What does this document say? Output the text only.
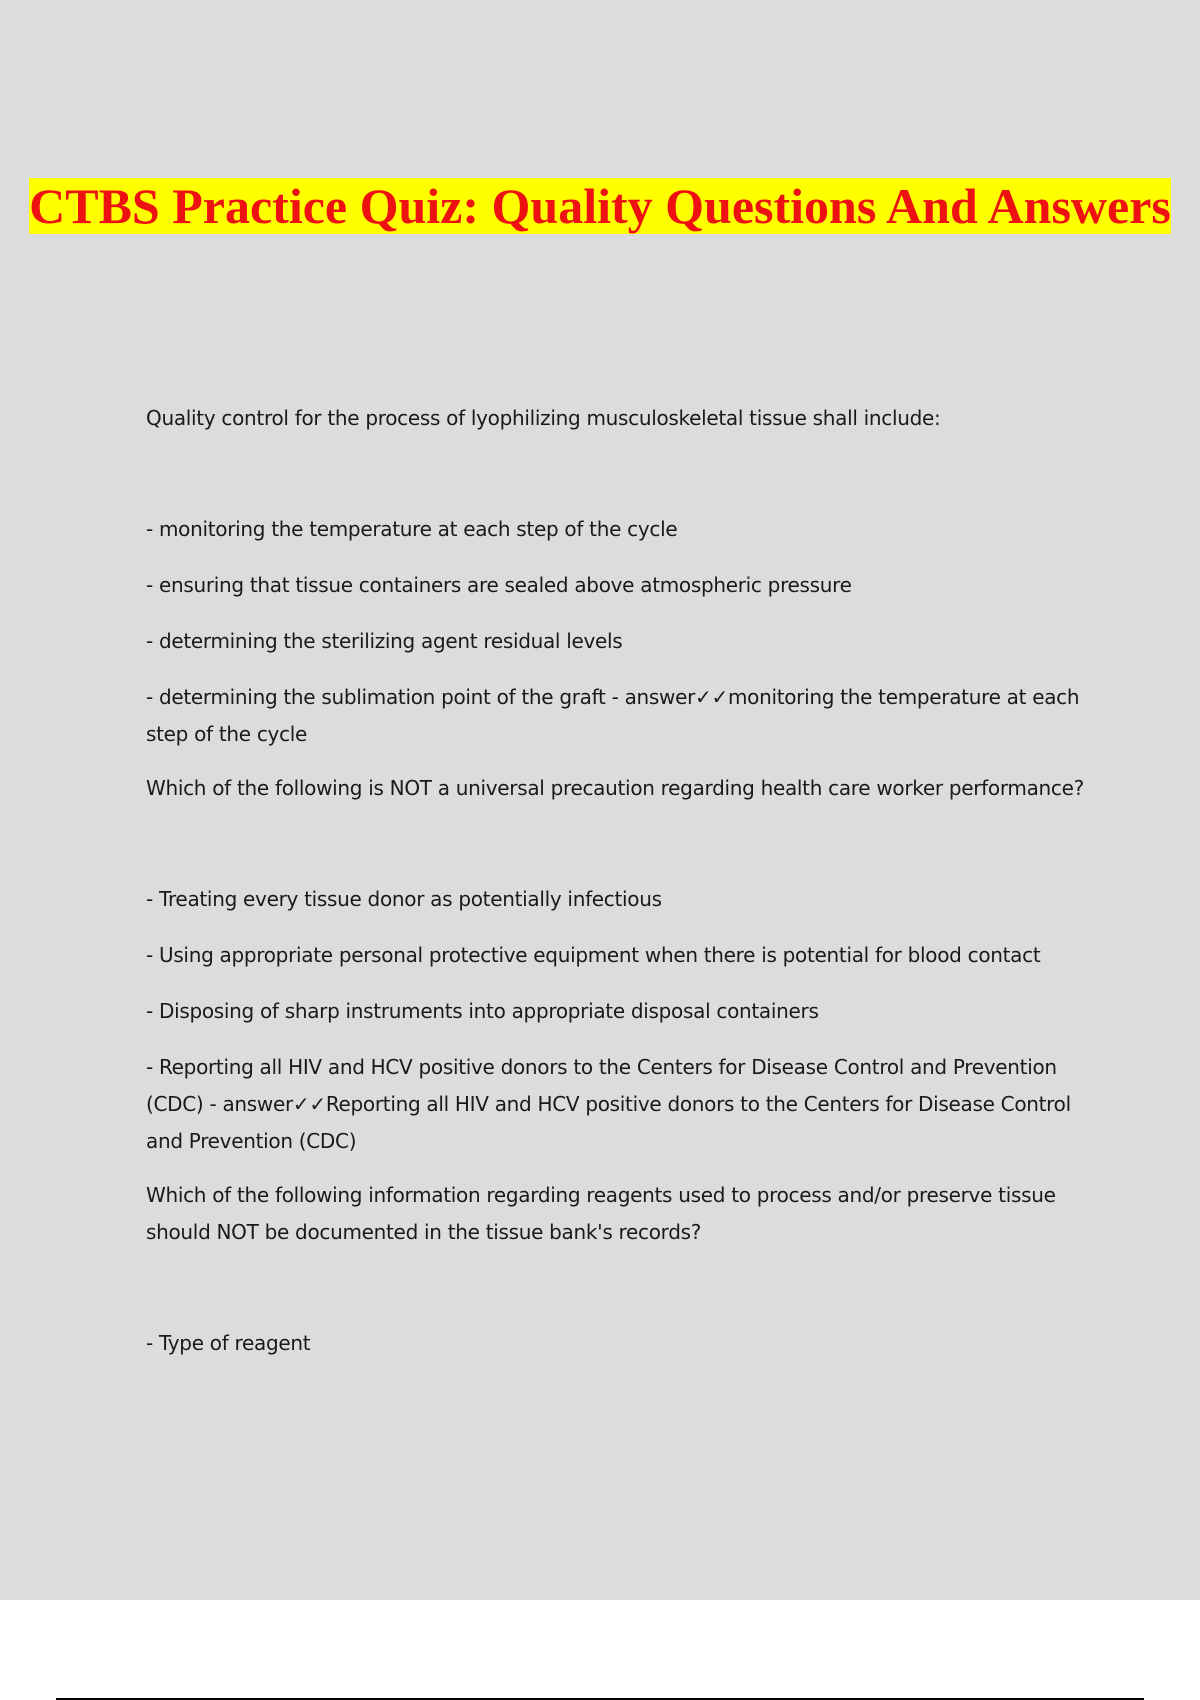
CTBS Practice Quiz: Quality Questions And Answers

Quality control for the process of lyophilizing musculoskeletal tissue shall include:

- monitoring the temperature at each step of the cycle

- ensuring that tissue containers are sealed above atmospheric pressure

- determining the sterilizing agent residual levels

- determining the sublimation point of the graft - answer✓✓monitoring the temperature at each step of the cycle

Which of the following is NOT a universal precaution regarding health care worker performance?

- Treating every tissue donor as potentially infectious

- Using appropriate personal protective equipment when there is potential for blood contact

- Disposing of sharp instruments into appropriate disposal containers

- Reporting all HIV and HCV positive donors to the Centers for Disease Control and Prevention (CDC) - answer✓✓Reporting all HIV and HCV positive donors to the Centers for Disease Control and Prevention (CDC)

Which of the following information regarding reagents used to process and/or preserve tissue should NOT be documented in the tissue bank's records?

- Type of reagent
